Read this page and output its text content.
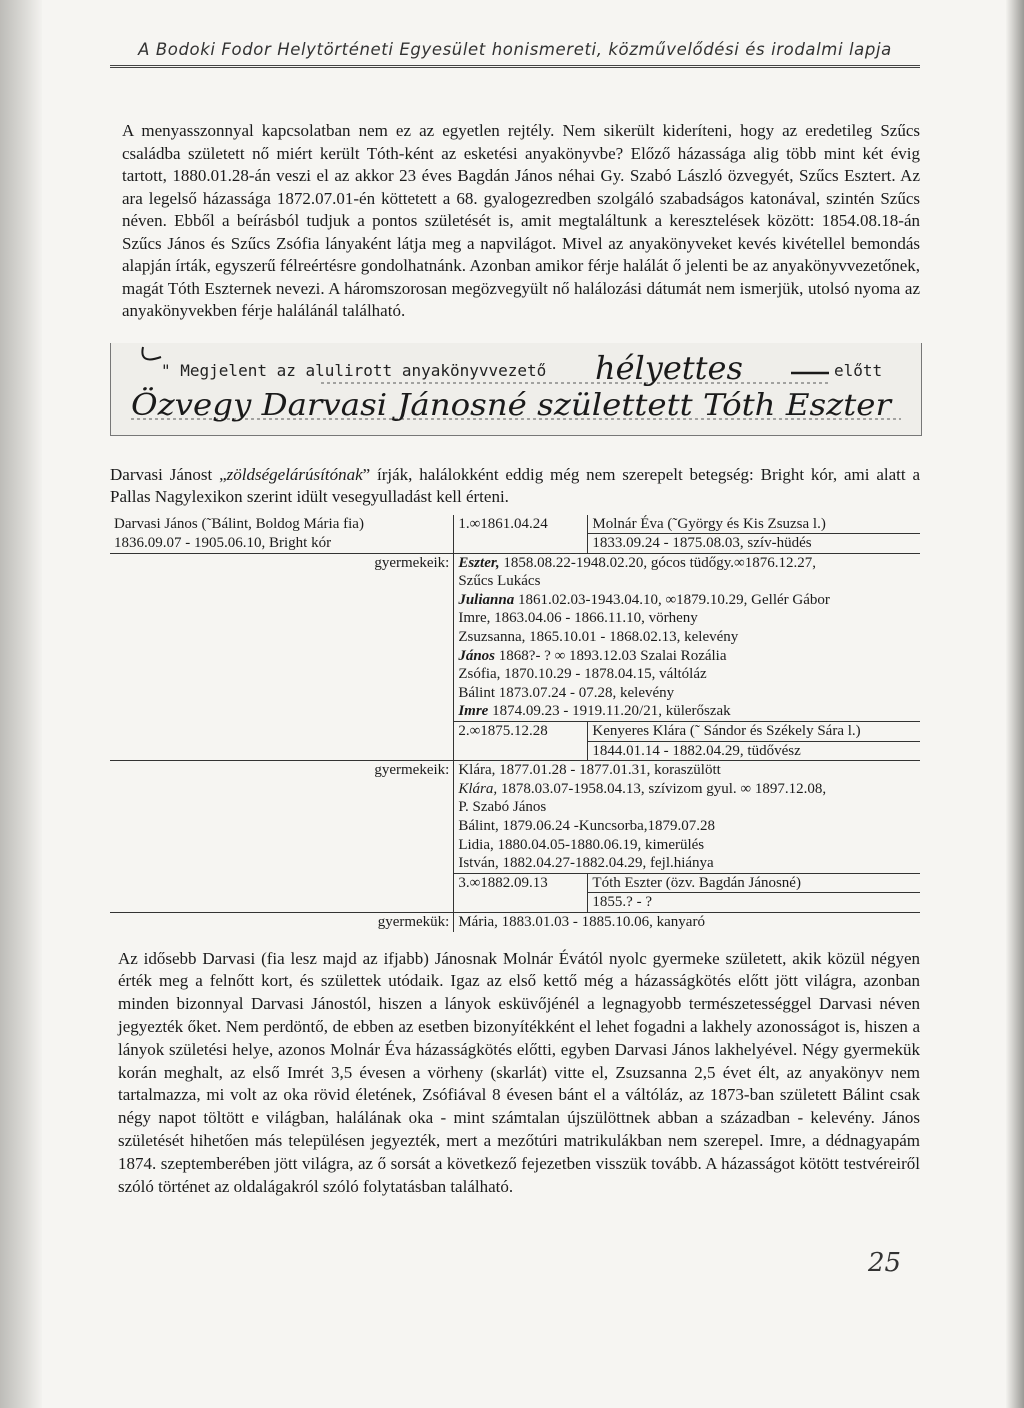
A Bodoki Fodor Helytörténeti Egyesület honismereti, közművelődési és irodalmi lapja

A menyasszonnyal kapcsolatban nem ez az egyetlen rejtély. Nem sikerült kideríteni, hogy az eredetileg Szűcs családba született nő miért került Tóth-ként az esketési anyakönyvbe? Előző házassága alig több mint két évig tartott, 1880.01.28-án veszi el az akkor 23 éves Bagdán János néhai Gy. Szabó László özvegyét, Szűcs Esztert. Az ara legelső házassága 1872.07.01-én köttetett a 68. gyalogezredben szolgáló szabadságos katonával, szintén Szűcs néven. Ebből a beírásból tudjuk a pontos születését is, amit megtaláltunk a keresztelések között: 1854.08.18-án Szűcs János és Szűcs Zsófia lányaként látja meg a napvilágot. Mivel az anyakönyveket kevés kivétellel bemondás alapján írták, egyszerű félreértésre gondolhatnánk. Azonban amikor férje halálát ő jelenti be az anyakönyvvezetőnek, magát Tóth Eszternek nevezi. A háromszorosan megözvegyült nő halálozási dátumát nem ismerjük, utolsó nyoma az anyakönyvekben férje halálánál található.

hélyettes
Özvegy Darvasi Jánosné születtett Tóth Eszter
" Megjelent az alulirott anyakönyvvezető	előtt

Darvasi Jánost „zöldségelárúsítónak” írják, halálokként eddig még nem szerepelt betegség: Bright kór, ami alatt a Pallas Nagylexikon szerint idült vesegyulladást kell érteni.

Darvasi János (˜Bálint, Boldog Mária fia)	1.∞1861.04.24	Molnár Éva (˜György és Kis Zsuzsa l.)
1836.09.07 - 1905.06.10, Bright kór		1833.09.24 - 1875.08.03, szív-hüdés
gyermekeik:	Eszter, 1858.08.22-1948.02.20, gócos tüdőgy.∞1876.12.27,	
	Szűcs Lukács	
	Julianna 1861.02.03-1943.04.10, ∞1879.10.29, Gellér Gábor	
	Imre, 1863.04.06 - 1866.11.10, vörheny	
	Zsuzsanna, 1865.10.01 - 1868.02.13, kelevény	
	János 1868?- ? ∞ 1893.12.03 Szalai Rozália	
	Zsófia, 1870.10.29 - 1878.04.15, váltóláz	
	Bálint 1873.07.24 - 07.28, kelevény	
	Imre 1874.09.23 - 1919.11.20/21, külerőszak	
	2.∞1875.12.28	Kenyeres Klára (˜ Sándor és Székely Sára l.)
		1844.01.14 - 1882.04.29, tüdővész
gyermekeik:	Klára, 1877.01.28 - 1877.01.31, koraszülött	
	Klára, 1878.03.07-1958.04.13, szívizom gyul. ∞ 1897.12.08,	
	P. Szabó János	
	Bálint, 1879.06.24 -Kuncsorba,1879.07.28	
	Lidia, 1880.04.05-1880.06.19, kimerülés	
	István, 1882.04.27-1882.04.29, fejl.hiánya	
	3.∞1882.09.13	Tóth Eszter (özv. Bagdán Jánosné)
		1855.? - ?
gyermekük:	Mária, 1883.01.03 - 1885.10.06, kanyaró	

Az idősebb Darvasi (fia lesz majd az ifjabb) Jánosnak Molnár Évától nyolc gyermeke született, akik közül négyen érték meg a felnőtt kort, és születtek utódaik. Igaz az első kettő még a házasságkötés előtt jött világra, azonban minden bizonnyal Darvasi Jánostól, hiszen a lányok esküvőjénél a legnagyobb természetességgel Darvasi néven jegyezték őket. Nem perdöntő, de ebben az esetben bizonyítékként el lehet fogadni a lakhely azonosságot is, hiszen a lányok születési helye, azonos Molnár Éva házasságkötés előtti, egyben Darvasi János lakhelyével. Négy gyermekük korán meghalt, az első Imrét 3,5 évesen a vörheny (skarlát) vitte el, Zsuzsanna 2,5 évet élt, az anyakönyv nem tartalmazza, mi volt az oka rövid életének, Zsófiával 8 évesen bánt el a váltóláz, az 1873-ban született Bálint csak négy napot töltött e világban, halálának oka - mint számtalan újszülöttnek abban a században - kelevény. János születését hihetően más településen jegyezték, mert a mezőtúri matrikulákban nem szerepel. Imre, a dédnagyapám 1874. szeptemberében jött világra, az ő sorsát a következő fejezetben visszük tovább. A házasságot kötött testvéreiről szóló történet az oldalágakról szóló folytatásban található.

25
